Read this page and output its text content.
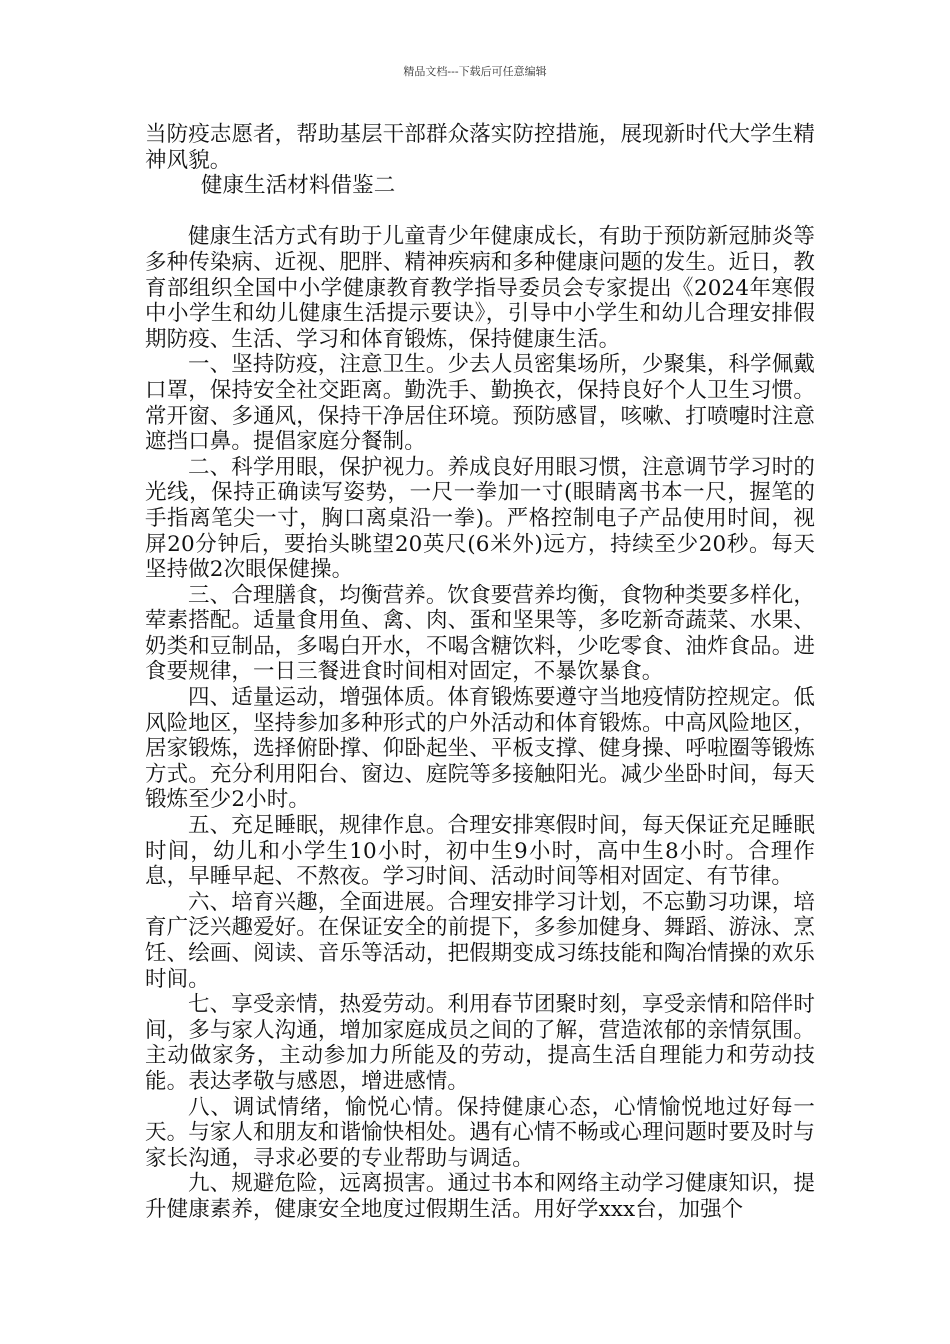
精品文档---下载后可任意编辑

当防疫志愿者，帮助基层干部群众落实防控措施，展现新时代大学生精神风貌。

健康生活材料借鉴二

健康生活方式有助于儿童青少年健康成长，有助于预防新冠肺炎等多种传染病、近视、肥胖、精神疾病和多种健康问题的发生。近日，教育部组织全国中小学健康教育教学指导委员会专家提出《2024年寒假中小学生和幼儿健康生活提示要诀》，引导中小学生和幼儿合理安排假期防疫、生活、学习和体育锻炼，保持健康生活。

一、坚持防疫，注意卫生。少去人员密集场所，少聚集，科学佩戴口罩，保持安全社交距离。勤洗手、勤换衣，保持良好个人卫生习惯。常开窗、多通风，保持干净居住环境。预防感冒，咳嗽、打喷嚏时注意遮挡口鼻。提倡家庭分餐制。

二、科学用眼，保护视力。养成良好用眼习惯，注意调节学习时的光线，保持正确读写姿势，一尺一拳加一寸(眼睛离书本一尺，握笔的手指离笔尖一寸，胸口离桌沿一拳)。严格控制电子产品使用时间，视屏20分钟后，要抬头眺望20英尺(6米外)远方，持续至少20秒。每天坚持做2次眼保健操。

三、合理膳食，均衡营养。饮食要营养均衡，食物种类要多样化，荤素搭配。适量食用鱼、禽、肉、蛋和坚果等，多吃新奇蔬菜、水果、奶类和豆制品，多喝白开水，不喝含糖饮料，少吃零食、油炸食品。进食要规律，一日三餐进食时间相对固定，不暴饮暴食。

四、适量运动，增强体质。体育锻炼要遵守当地疫情防控规定。低风险地区，坚持参加多种形式的户外活动和体育锻炼。中高风险地区，居家锻炼，选择俯卧撑、仰卧起坐、平板支撑、健身操、呼啦圈等锻炼方式。充分利用阳台、窗边、庭院等多接触阳光。减少坐卧时间，每天锻炼至少2小时。

五、充足睡眠，规律作息。合理安排寒假时间，每天保证充足睡眠时间，幼儿和小学生10小时，初中生9小时，高中生8小时。合理作息，早睡早起、不熬夜。学习时间、活动时间等相对固定、有节律。

六、培育兴趣，全面进展。合理安排学习计划，不忘勤习功课，培育广泛兴趣爱好。在保证安全的前提下，多参加健身、舞蹈、游泳、烹饪、绘画、阅读、音乐等活动，把假期变成习练技能和陶冶情操的欢乐时间。

七、享受亲情，热爱劳动。利用春节团聚时刻，享受亲情和陪伴时间，多与家人沟通，增加家庭成员之间的了解，营造浓郁的亲情氛围。主动做家务，主动参加力所能及的劳动，提高生活自理能力和劳动技能。表达孝敬与感恩，增进感情。

八、调试情绪，愉悦心情。保持健康心态，心情愉悦地过好每一天。与家人和朋友和谐愉快相处。遇有心情不畅或心理问题时要及时与家长沟通，寻求必要的专业帮助与调适。

九、规避危险，远离损害。通过书本和网络主动学习健康知识，提升健康素养，健康安全地度过假期生活。用好学xxx台，加强个
